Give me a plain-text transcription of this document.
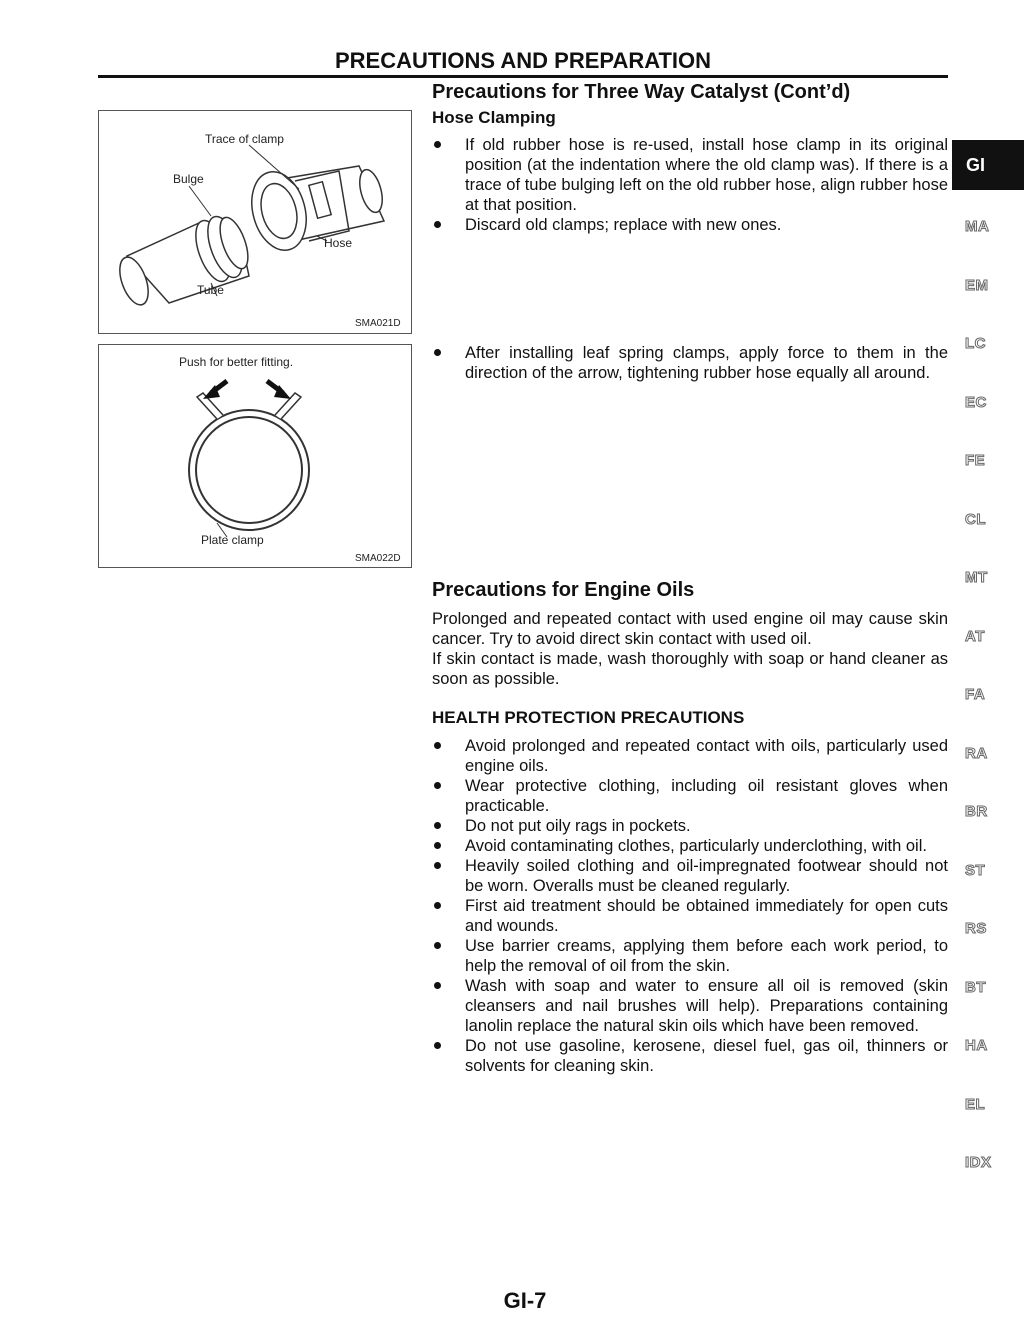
PRECAUTIONS AND PREPARATION
Trace of clamp
Bulge
Hose
Tube
SMA021D
Push for better fitting.
Plate clamp
SMA022D
Precautions for Three Way Catalyst (Cont’d)
Hose Clamping
If old rubber hose is re-used, install hose clamp in its original position (at the indentation where the old clamp was). If there is a trace of tube bulging left on the old rubber hose, align rubber hose at that position.
Discard old clamps; replace with new ones.
After installing leaf spring clamps, apply force to them in the direction of the arrow, tightening rubber hose equally all around.
Precautions for Engine Oils

Prolonged and repeated contact with used engine oil may cause skin cancer. Try to avoid direct skin contact with used oil.

If skin contact is made, wash thoroughly with soap or hand cleaner as soon as possible.

HEALTH PROTECTION PRECAUTIONS
Avoid prolonged and repeated contact with oils, particularly used engine oils.
Wear protective clothing, including oil resistant gloves when practicable.
Do not put oily rags in pockets.
Avoid contaminating clothes, particularly underclothing, with oil.
Heavily soiled clothing and oil-impregnated footwear should not be worn. Overalls must be cleaned regularly.
First aid treatment should be obtained immediately for open cuts and wounds.
Use barrier creams, applying them before each work period, to help the removal of oil from the skin.
Wash with soap and water to ensure all oil is removed (skin cleansers and nail brushes will help). Preparations containing lanolin replace the natural skin oils which have been removed.
Do not use gasoline, kerosene, diesel fuel, gas oil, thinners or solvents for cleaning skin.
GI
MA
EM
LC
EC
FE
CL
MT
AT
FA
RA
BR
ST
RS
BT
HA
EL
IDX
GI-7
